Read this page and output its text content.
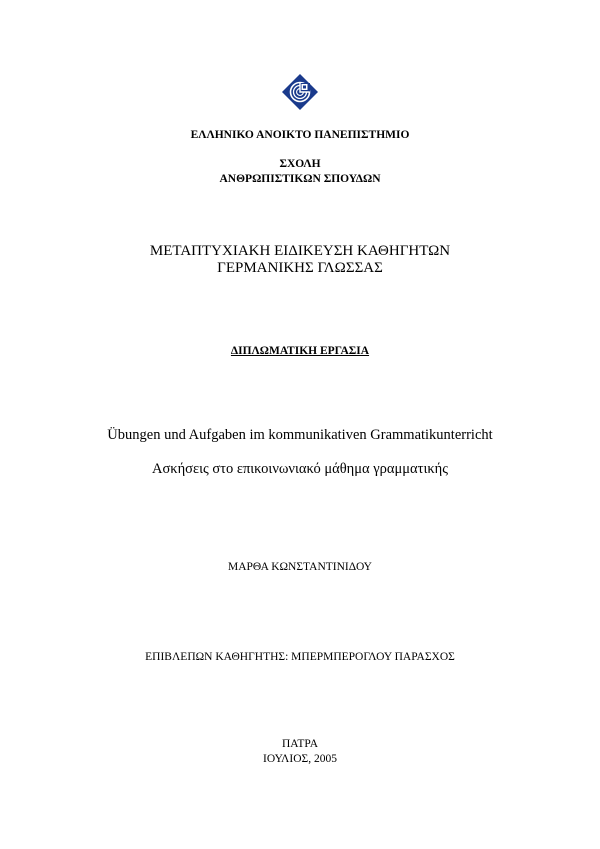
ΕΛΛΗΝΙΚΟ ΑΝΟΙΚΤΟ ΠΑΝΕΠΙΣΤΗΜΙΟ
ΣΧΟΛΗ
ΑΝΘΡΩΠΙΣΤΙΚΩΝ ΣΠΟΥΔΩΝ
ΜΕΤΑΠΤΥΧΙΑΚΗ ΕΙΔΙΚΕΥΣΗ ΚΑΘΗΓΗΤΩΝ
ΓΕΡΜΑΝΙΚΗΣ ΓΛΩΣΣΑΣ
ΔΙΠΛΩΜΑΤΙΚΗ ΕΡΓΑΣΙΑ
Übungen und Aufgaben im kommunikativen Grammatikunterricht
Ασκήσεις στο επικοινωνιακό μάθημα γραμματικής
ΜΑΡΘΑ ΚΩΝΣΤΑΝΤΙΝΙΔΟΥ
ΕΠΙΒΛΕΠΩΝ ΚΑΘΗΓΗΤΗΣ: ΜΠΕΡΜΠΕΡΟΓΛΟΥ ΠΑΡΑΣΧΟΣ
ΠΑΤΡΑ
ΙΟΥΛΙΟΣ, 2005
